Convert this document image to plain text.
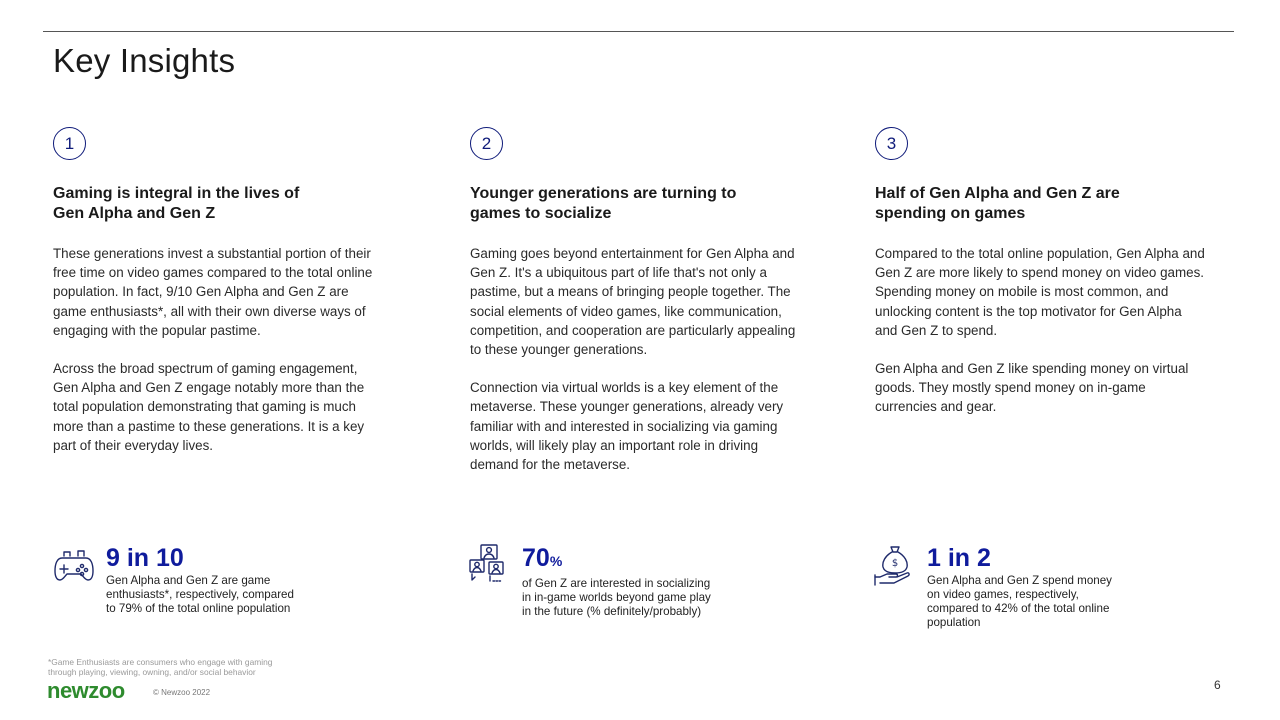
Key Insights
1
Gaming is integral in the lives of
Gen Alpha and Gen Z

These generations invest a substantial portion of their free time on video games compared to the total online population. In fact, 9/10 Gen Alpha and Gen Z are game enthusiasts*, all with their own diverse ways of engaging with the popular pastime.

Across the broad spectrum of gaming engagement, Gen Alpha and Gen Z engage notably more than the total population demonstrating that gaming is much more than a pastime to these generations. It is a key part of their everyday lives.

2
Younger generations are turning to
games to socialize

Gaming goes beyond entertainment for Gen Alpha and Gen Z. It's a ubiquitous part of life that's not only a pastime, but a means of bringing people together. The social elements of video games, like communication, competition, and cooperation are particularly appealing to these younger generations.

Connection via virtual worlds is a key element of the metaverse. These younger generations, already very familiar with and interested in socializing via gaming worlds, will likely play an important role in driving demand for the metaverse.

3
Half of Gen Alpha and Gen Z are
spending on games

Compared to the total online population, Gen Alpha and Gen Z are more likely to spend money on video games. Spending money on mobile is most common, and unlocking content is the top motivator for Gen Alpha and Gen Z to spend.

Gen Alpha and Gen Z like spending money on virtual goods. They mostly spend money on in-game currencies and gear.

9 in 10
Gen Alpha and Gen Z are game
enthusiasts*, respectively, compared
to 79% of the total online population
70%
of Gen Z are interested in socializing
in in-game worlds beyond game play
in the future (% definitely/probably)
$ 1 in 2
Gen Alpha and Gen Z spend money
on video games, respectively,
compared to 42% of the total online
population
*Game Enthusiasts are consumers who engage with gaming
through playing, viewing, owning, and/or social behavior
newzoo	© Newzoo 2022
6
